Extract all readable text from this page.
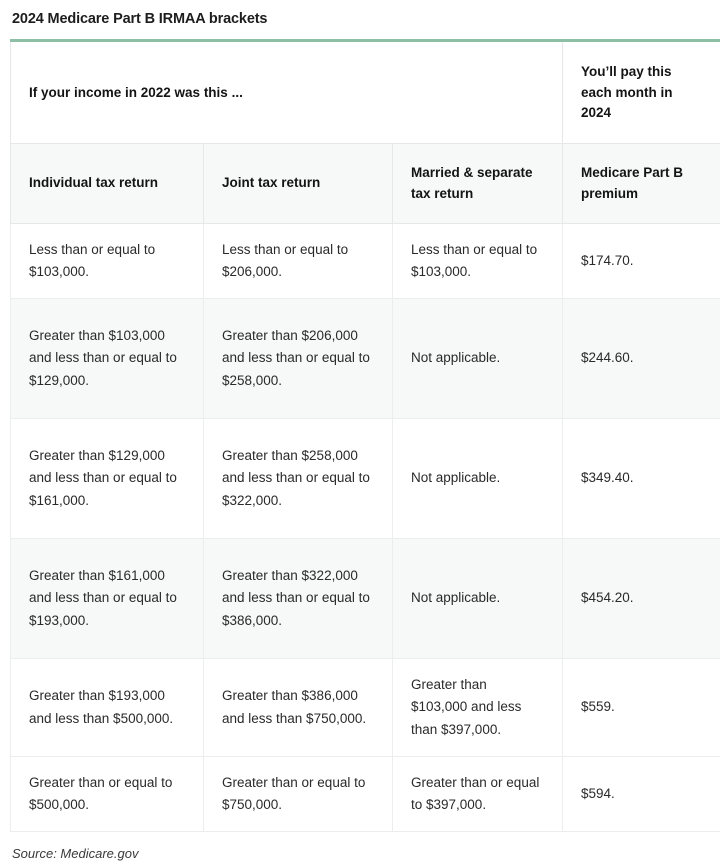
2024 Medicare Part B IRMAA brackets
If your income in 2022 was this ...			You’ll pay this each month in 2024
Individual tax return	Joint tax return	Married & separate tax return	Medicare Part B premium
Less than or equal to $103,000.	Less than or equal to $206,000.	Less than or equal to $103,000.	$174.70.
Greater than $103,000 and less than or equal to $129,000.	Greater than $206,000 and less than or equal to $258,000.	Not applicable.	$244.60.
Greater than $129,000 and less than or equal to $161,000.	Greater than $258,000 and less than or equal to $322,000.	Not applicable.	$349.40.
Greater than $161,000 and less than or equal to $193,000.	Greater than $322,000 and less than or equal to $386,000.	Not applicable.	$454.20.
Greater than $193,000 and less than $500,000.	Greater than $386,000 and less than $750,000.	Greater than $103,000 and less than $397,000.	$559.
Greater than or equal to $500,000.	Greater than or equal to $750,000.	Greater than or equal to $397,000.	$594.
Source: Medicare.gov
